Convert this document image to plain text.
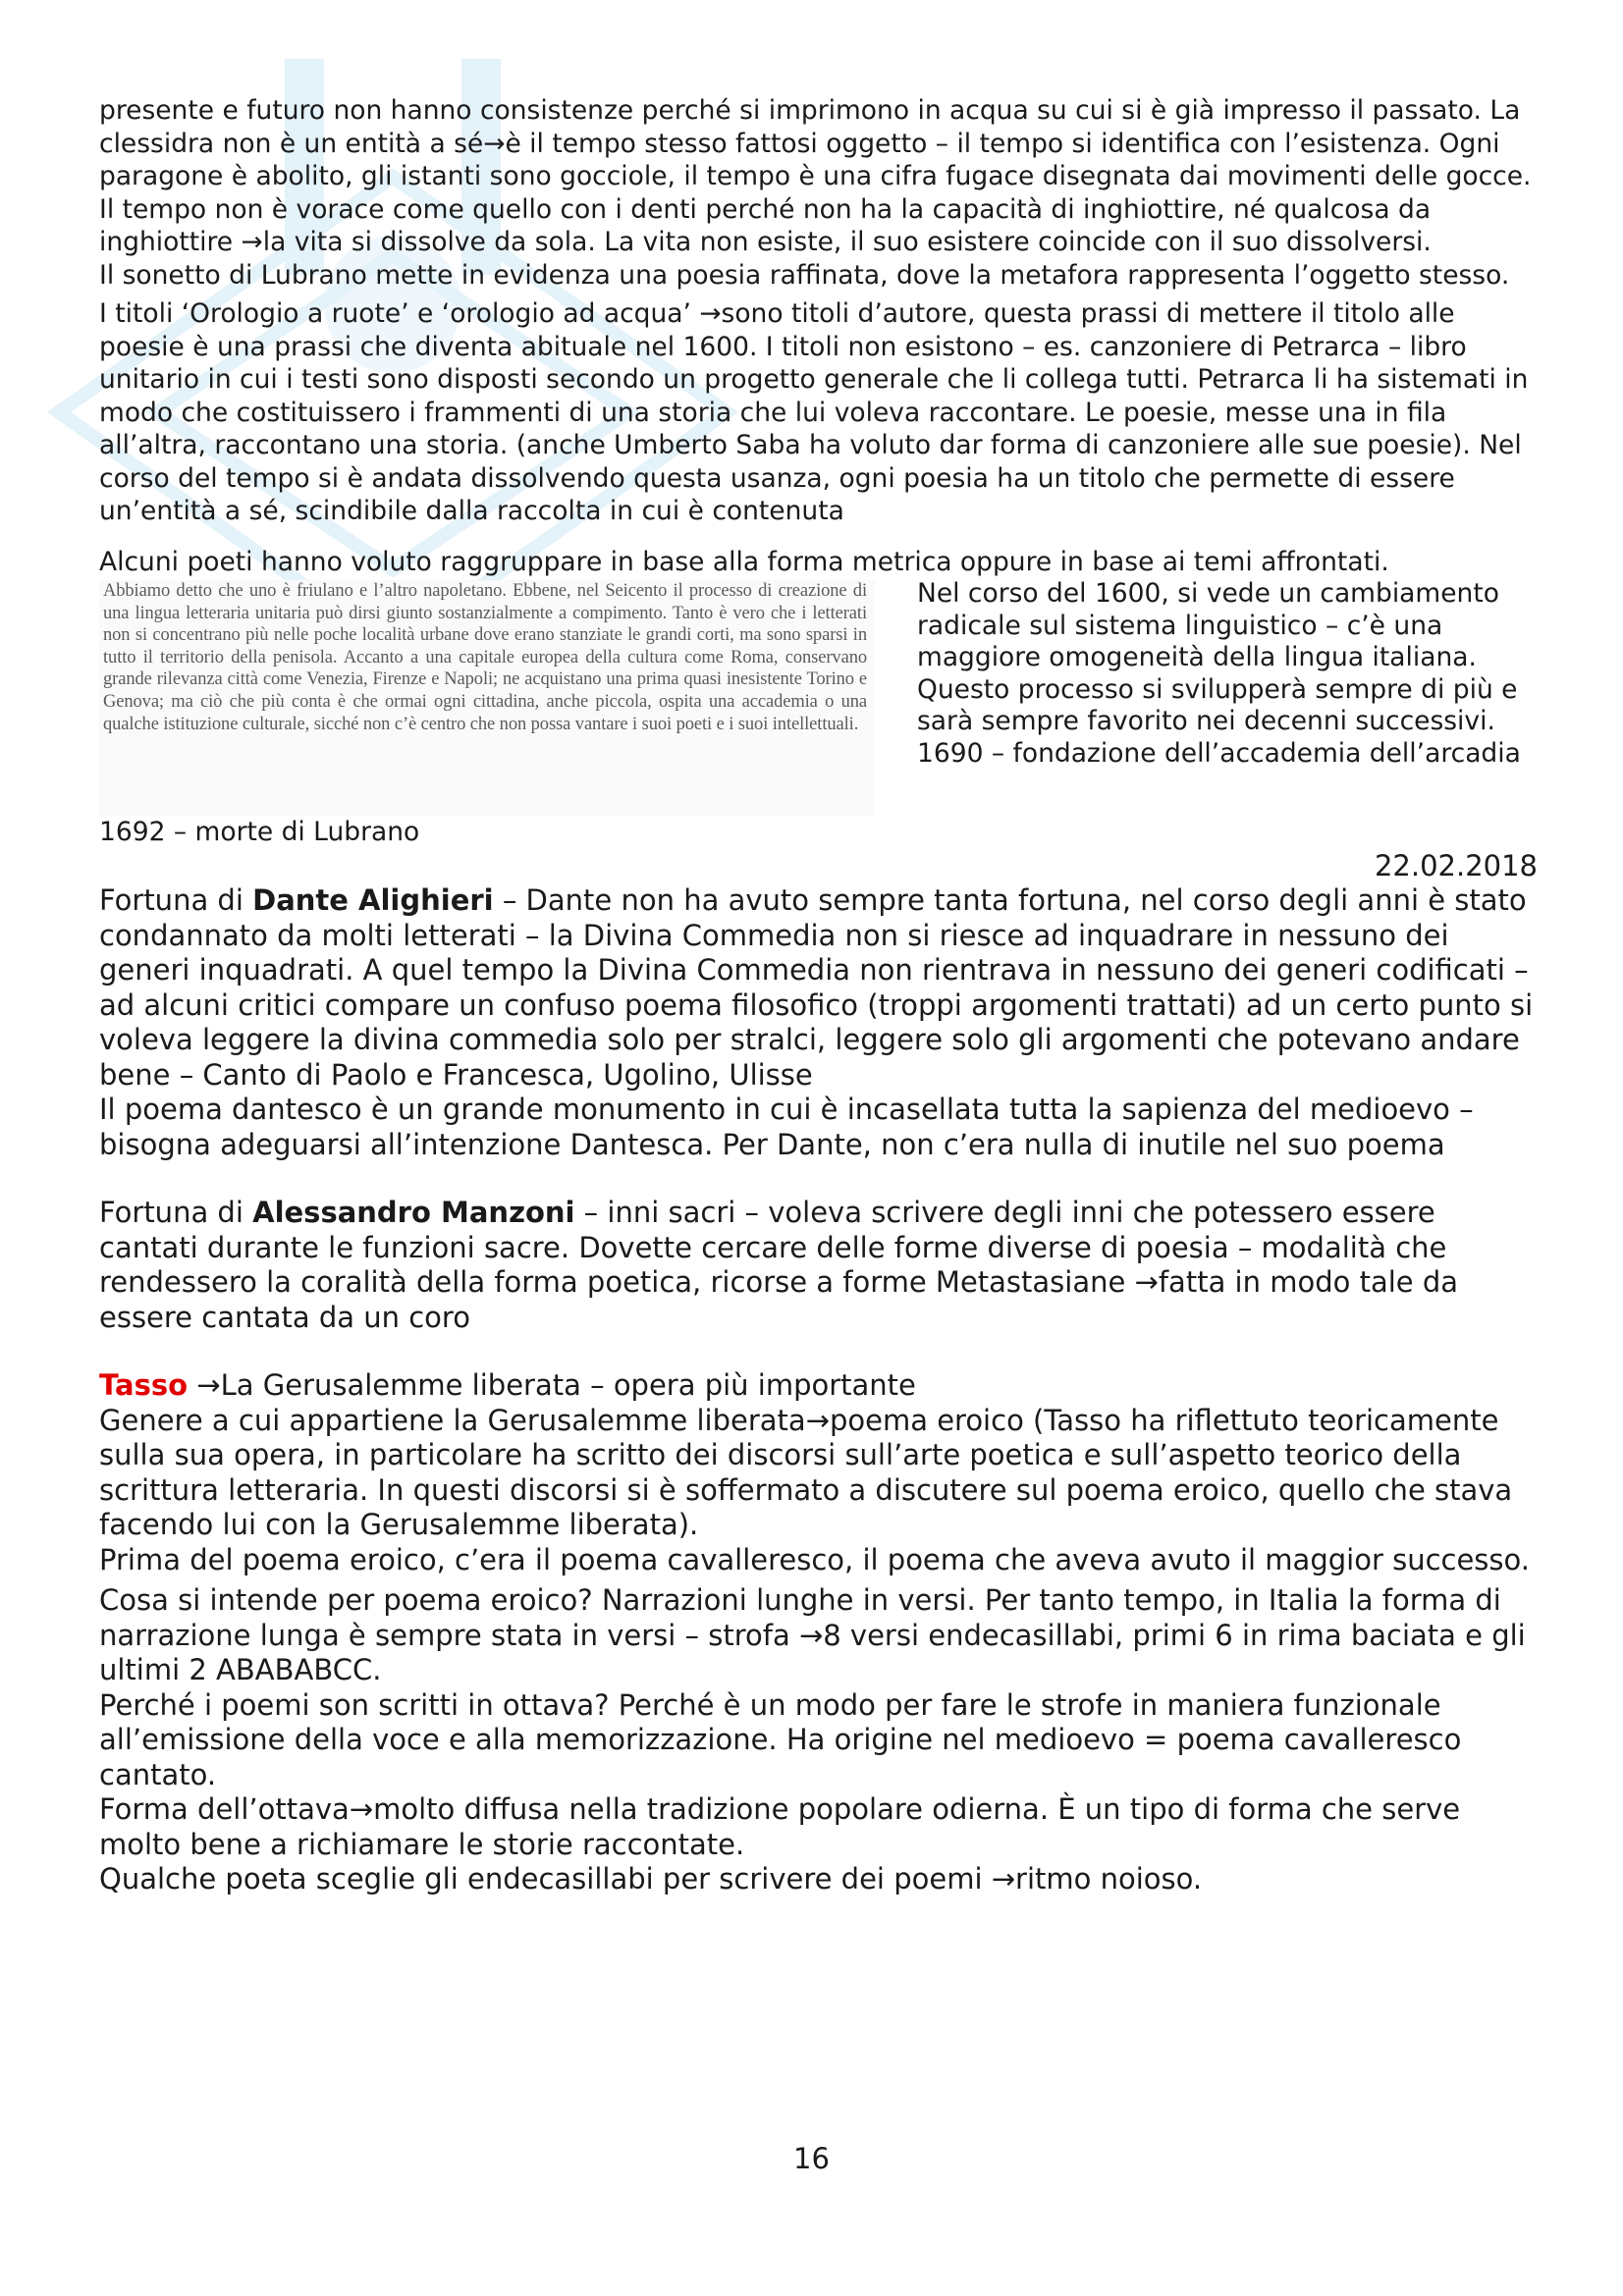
presente e futuro non hanno consistenze perché si imprimono in acqua su cui si è già impresso il passato. La clessidra non è un entità a sé→è il tempo stesso fattosi oggetto – il tempo si identifica con l’esistenza. Ogni paragone è abolito, gli istanti sono gocciole, il tempo è una cifra fugace disegnata dai movimenti delle gocce. Il tempo non è vorace come quello con i denti perché non ha la capacità di inghiottire, né qualcosa da inghiottire →la vita si dissolve da sola. La vita non esiste, il suo esistere coincide con il suo dissolversi.

Il sonetto di Lubrano mette in evidenza una poesia raffinata, dove la metafora rappresenta l’oggetto stesso.

I titoli ‘Orologio a ruote’ e ‘orologio ad acqua’ →sono titoli d’autore, questa prassi di mettere il titolo alle poesie è una prassi che diventa abituale nel 1600. I titoli non esistono – es. canzoniere di Petrarca – libro unitario in cui i testi sono disposti secondo un progetto generale che li collega tutti. Petrarca li ha sistemati in modo che costituissero i frammenti di una storia che lui voleva raccontare. Le poesie, messe una in fila all’altra, raccontano una storia. (anche Umberto Saba ha voluto dar forma di canzoniere alle sue poesie). Nel corso del tempo si è andata dissolvendo questa usanza, ogni poesia ha un titolo che permette di essere un’entità a sé, scindibile dalla raccolta in cui è contenuta

Alcuni poeti hanno voluto raggruppare in base alla forma metrica oppure in base ai temi affrontati.

Abbiamo detto che uno è friulano e l’altro napoletano. Ebbene, nel Seicento il processo di creazione di una lingua letteraria unitaria può dirsi giunto sostanzialmente a compimento. Tanto è vero che i letterati non si concentrano più nelle poche località urbane dove erano stanziate le grandi corti, ma sono sparsi in tutto il territorio della penisola. Accanto a una capitale europea della cultura come Roma, conservano grande rilevanza città come Venezia, Firenze e Napoli; ne acquistano una prima quasi inesistente Torino e Genova; ma ciò che più conta è che ormai ogni cittadina, anche piccola, ospita una accademia o una qualche istituzione culturale, sicché non c’è centro che non possa vantare i suoi poeti e i suoi intellettuali.

Nel corso del 1600, si vede un cambiamento radicale sul sistema linguistico – c’è una maggiore omogeneità della lingua italiana. Questo processo si svilupperà sempre di più e sarà sempre favorito nei decenni successivi.

1690 – fondazione dell’accademia dell’arcadia

1692 – morte di Lubrano

22.02.2018

Fortuna di Dante Alighieri – Dante non ha avuto sempre tanta fortuna, nel corso degli anni è stato condannato da molti letterati – la Divina Commedia non si riesce ad inquadrare in nessuno dei generi inquadrati. A quel tempo la Divina Commedia non rientrava in nessuno dei generi codificati – ad alcuni critici compare un confuso poema filosofico (troppi argomenti trattati) ad un certo punto si voleva leggere la divina commedia solo per stralci, leggere solo gli argomenti che potevano andare bene – Canto di Paolo e Francesca, Ugolino, Ulisse

Il poema dantesco è un grande monumento in cui è incasellata tutta la sapienza del medioevo – bisogna adeguarsi all’intenzione Dantesca. Per Dante, non c’era nulla di inutile nel suo poema

Fortuna di Alessandro Manzoni – inni sacri – voleva scrivere degli inni che potessero essere cantati durante le funzioni sacre. Dovette cercare delle forme diverse di poesia – modalità che rendessero la coralità della forma poetica, ricorse a forme Metastasiane →fatta in modo tale da essere cantata da un coro

Tasso →La Gerusalemme liberata – opera più importante

Genere a cui appartiene la Gerusalemme liberata→poema eroico (Tasso ha riflettuto teoricamente sulla sua opera, in particolare ha scritto dei discorsi sull’arte poetica e sull’aspetto teorico della scrittura letteraria. In questi discorsi si è soffermato a discutere sul poema eroico, quello che stava facendo lui con la Gerusalemme liberata).

Prima del poema eroico, c’era il poema cavalleresco, il poema che aveva avuto il maggior successo.

Cosa si intende per poema eroico? Narrazioni lunghe in versi. Per tanto tempo, in Italia la forma di narrazione lunga è sempre stata in versi – strofa →8 versi endecasillabi, primi 6 in rima baciata e gli ultimi 2 ABABABCC.

Perché i poemi son scritti in ottava? Perché è un modo per fare le strofe in maniera funzionale all’emissione della voce e alla memorizzazione. Ha origine nel medioevo = poema cavalleresco cantato.

Forma dell’ottava→molto diffusa nella tradizione popolare odierna. È un tipo di forma che serve molto bene a richiamare le storie raccontate.

Qualche poeta sceglie gli endecasillabi per scrivere dei poemi →ritmo noioso.

16
